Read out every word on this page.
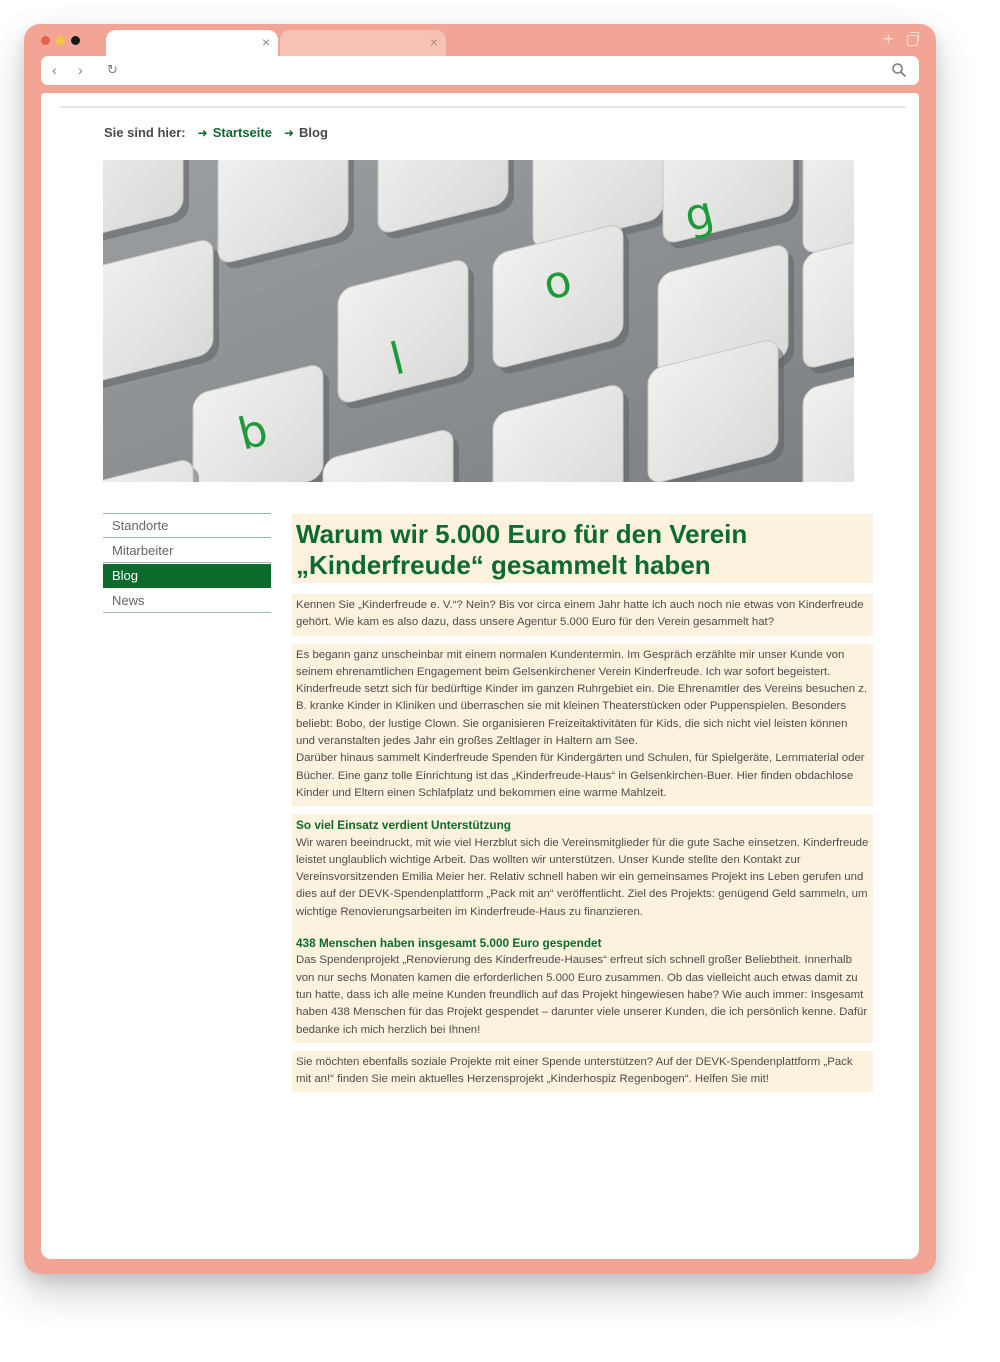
×	×	+
‹ › ↻
Sie sind hier: ➜ Startseite ➜ Blog
b
l
o
g
Standorte
Mitarbeiter
Blog
News
Warum wir 5.000 Euro für den Verein
„Kinderfreude“ gesammelt haben

Kennen Sie „Kinderfreude e. V.“? Nein? Bis vor circa einem Jahr hatte ich auch noch nie etwas von Kinderfreude gehört. Wie kam es also dazu, dass unsere Agentur 5.000 Euro für den Verein gesammelt hat?

Es begann ganz unscheinbar mit einem normalen Kundentermin. Im Gespräch erzählte mir unser Kunde von seinem ehrenamtlichen Engagement beim Gelsenkirchener Verein Kinderfreude. Ich war sofort begeistert. Kinderfreude setzt sich für bedürftige Kinder im ganzen Ruhrgebiet ein. Die Ehrenamtler des Vereins besuchen z. B. kranke Kinder in Kliniken und überraschen sie mit kleinen Theaterstücken oder Puppenspielen. Besonders beliebt: Bobo, der lustige Clown. Sie organisieren Freizeitaktivitäten für Kids, die sich nicht viel leisten können und veranstalten jedes Jahr ein großes Zeltlager in Haltern am See.

Darüber hinaus sammelt Kinderfreude Spenden für Kindergärten und Schulen, für Spielgeräte, Lernmaterial oder Bücher. Eine ganz tolle Einrichtung ist das „Kinderfreude-Haus“ in Gelsenkirchen-Buer. Hier finden obdachlose Kinder und Eltern einen Schlafplatz und bekommen eine warme Mahlzeit.

So viel Einsatz verdient Unterstützung

Wir waren beeindruckt, mit wie viel Herzblut sich die Vereinsmitglieder für die gute Sache einsetzen. Kinderfreude leistet unglaublich wichtige Arbeit. Das wollten wir unterstützen. Unser Kunde stellte den Kontakt zur Vereinsvorsitzenden Emilia Meier her. Relativ schnell haben wir ein gemeinsames Projekt ins Leben gerufen und dies auf der DEVK-Spendenplattform „Pack mit an“ veröffentlicht. Ziel des Projekts: genügend Geld sammeln, um wichtige Renovierungsarbeiten im Kinderfreude-Haus zu finanzieren.

438 Menschen haben insgesamt 5.000 Euro gespendet

Das Spendenprojekt „Renovierung des Kinderfreude-Hauses“ erfreut sich schnell großer Beliebtheit. Innerhalb von nur sechs Monaten kamen die erforderlichen 5.000 Euro zusammen. Ob das vielleicht auch etwas damit zu tun hatte, dass ich alle meine Kunden freundlich auf das Projekt hingewiesen habe? Wie auch immer: Insgesamt haben 438 Menschen für das Projekt gespendet – darunter viele unserer Kunden, die ich persönlich kenne. Dafür bedanke ich mich herzlich bei Ihnen!

Sie möchten ebenfalls soziale Projekte mit einer Spende unterstützen? Auf der DEVK-Spendenplattform „Pack mit an!“ finden Sie mein aktuelles Herzensprojekt „Kinderhospiz Regenbogen“. Helfen Sie mit!
